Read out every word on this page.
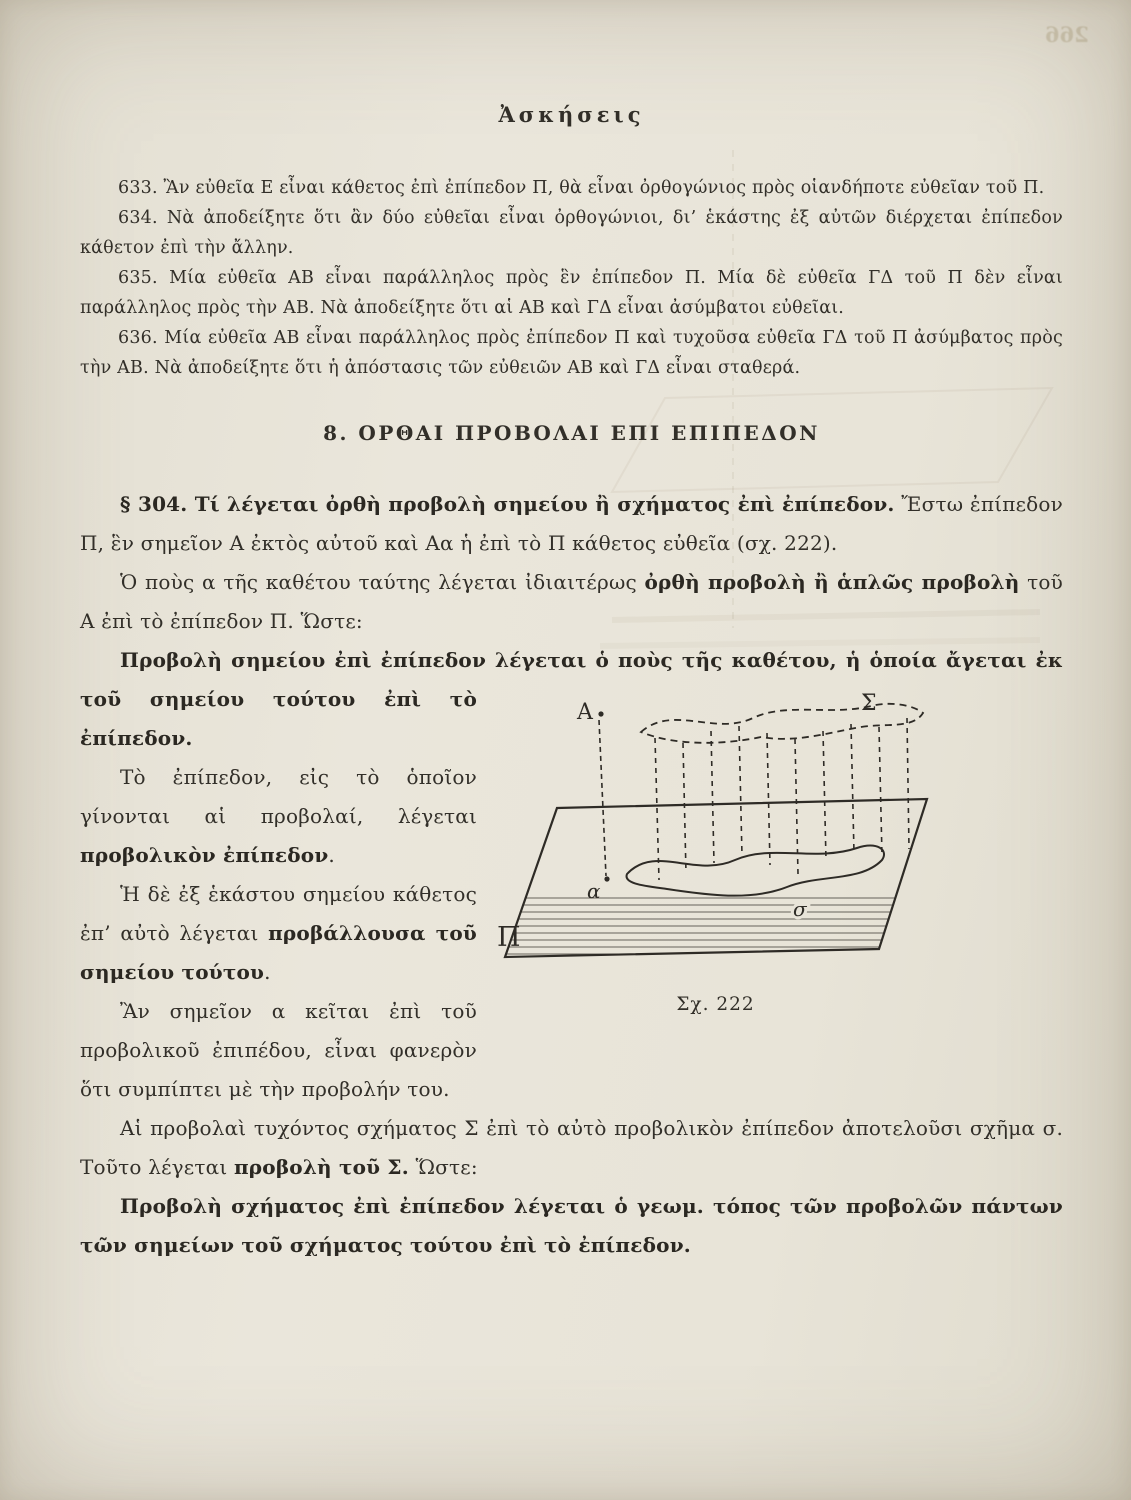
266
Ἀσκήσεις

633. Ἂν εὐθεῖα Ε εἶναι κάθετος ἐπὶ ἐπίπεδον Π, θὰ εἶναι ὀρθογώνιος πρὸς οἱανδήποτε εὐθεῖαν τοῦ Π.

634. Νὰ ἀποδείξητε ὅτι ἂν δύο εὐθεῖαι εἶναι ὀρθογώνιοι, δι’ ἑκάστης ἐξ αὐτῶν διέρχεται ἐπίπεδον κάθετον ἐπὶ τὴν ἄλλην.

635. Μία εὐθεῖα ΑΒ εἶναι παράλληλος πρὸς ἓν ἐπίπεδον Π. Μία δὲ εὐθεῖα ΓΔ τοῦ Π δὲν εἶναι παράλληλος πρὸς τὴν ΑΒ. Νὰ ἀποδείξητε ὅτι αἱ ΑΒ καὶ ΓΔ εἶναι ἀσύμβατοι εὐθεῖαι.

636. Μία εὐθεῖα ΑΒ εἶναι παράλληλος πρὸς ἐπίπεδον Π καὶ τυχοῦσα εὐθεῖα ΓΔ τοῦ Π ἀσύμβατος πρὸς τὴν ΑΒ. Νὰ ἀποδείξητε ὅτι ἡ ἀπόστασις τῶν εὐθειῶν ΑΒ καὶ ΓΔ εἶναι σταθερά.

8. ΟΡΘΑΙ ΠΡΟΒΟΛΑΙ ΕΠΙ ΕΠΙΠΕΔΟΝ

§ 304. Τί λέγεται ὀρθὴ προβολὴ σημείου ἢ σχήματος ἐπὶ ἐπίπεδον. Ἔστω ἐπίπεδον Π, ἓν σημεῖον Α ἐκτὸς αὐτοῦ καὶ Αα ἡ ἐπὶ τὸ Π κάθετος εὐθεῖα (σχ. 222).

Ὁ ποὺς α τῆς καθέτου ταύτης λέγεται ἰδιαιτέρως ὀρθὴ προβολὴ ἢ ἁπλῶς προβολὴ τοῦ Α ἐπὶ τὸ ἐπίπεδον Π. Ὥστε:

Προβολὴ σημείου ἐπὶ ἐπίπεδον λέγεται ὁ ποὺς τῆς καθέτου,
Α	Σ
α
σ
Π
Σχ. 222
ἡ ὁποία ἄγεται ἐκ τοῦ σημείου τούτου ἐπὶ τὸ ἐπίπεδον.

Τὸ ἐπίπεδον, εἰς τὸ ὁποῖον γίνονται αἱ προβολαί, λέγεται προβολικὸν ἐπίπεδον.

Ἡ δὲ ἐξ ἑκάστου σημείου κάθετος ἐπ’ αὐτὸ λέγεται προβάλλουσα τοῦ σημείου τούτου.

Ἂν σημεῖον α κεῖται ἐπὶ τοῦ προβολικοῦ ἐπιπέδου, εἶναι φανερὸν ὅτι συμπίπτει μὲ τὴν προβολήν του.

Αἱ προβολαὶ τυχόντος σχήματος Σ ἐπὶ τὸ αὐτὸ προβολικὸν ἐπίπεδον ἀποτελοῦσι σχῆμα σ. Τοῦτο λέγεται προβολὴ τοῦ Σ. Ὥστε:

Προβολὴ σχήματος ἐπὶ ἐπίπεδον λέγεται ὁ γεωμ. τόπος τῶν προβολῶν πάντων τῶν σημείων τοῦ σχήματος τούτου ἐπὶ τὸ ἐπίπεδον.
